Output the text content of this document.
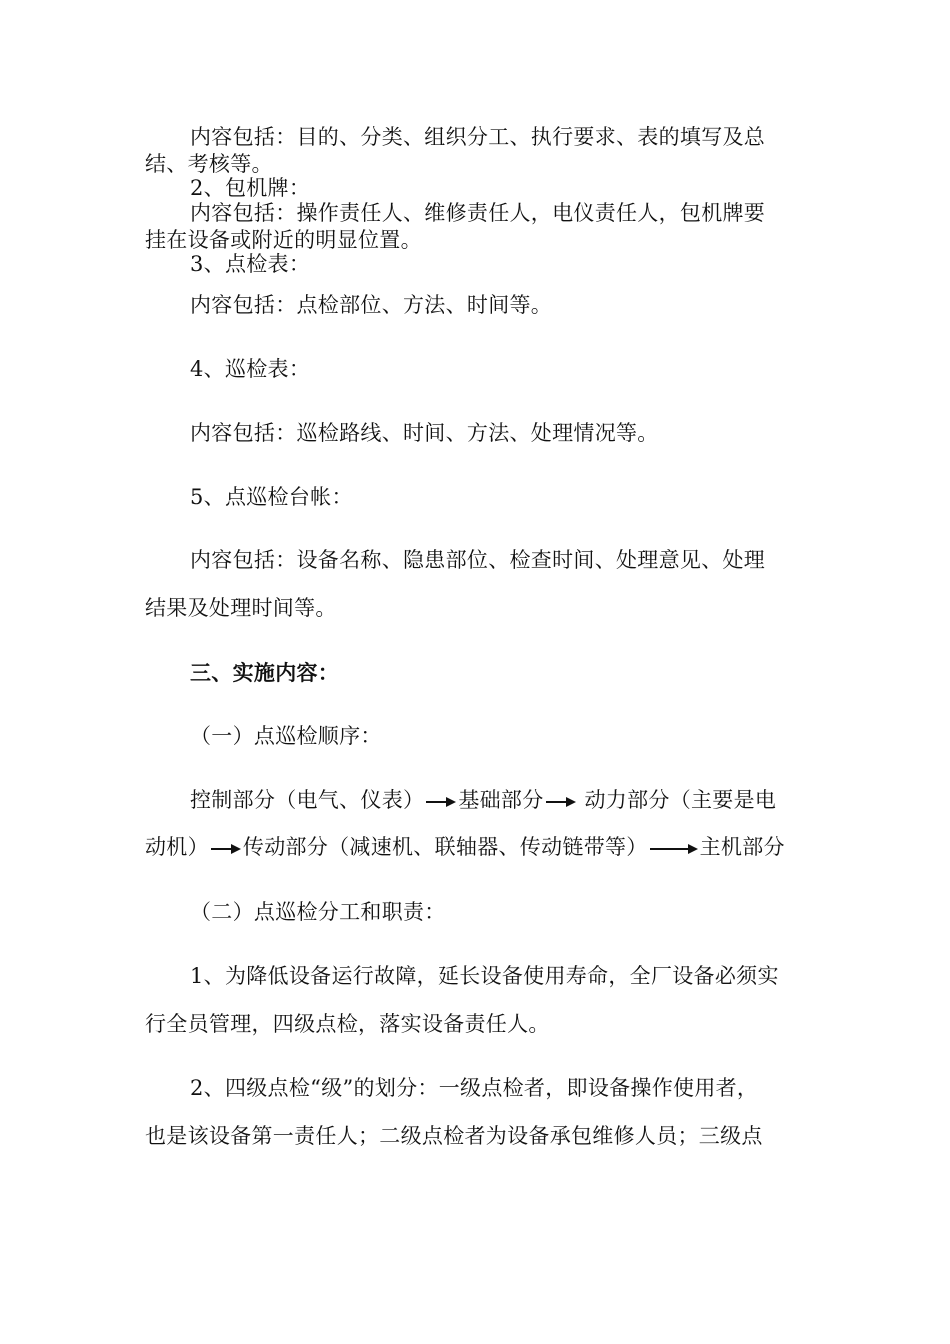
内容包括：目的、分类、组织分工、执行要求、表的填写及总
结、考核等。
2、包机牌：
内容包括：操作责任人、维修责任人，电仪责任人，包机牌要
挂在设备或附近的明显位置。
3、点检表：
内容包括：点检部位、方法、时间等。
4、巡检表：
内容包括：巡检路线、时间、方法、处理情况等。
5、点巡检台帐：
内容包括：设备名称、隐患部位、检查时间、处理意见、处理
结果及处理时间等。
三、实施内容：
（一）点巡检顺序：
控制部分（电气、仪表） 基础部分 动力部分（主要是电
动机） 传动部分（减速机、联轴器、传动链带等） 主机部分
（二）点巡检分工和职责：
1、为降低设备运行故障，延长设备使用寿命，全厂设备必须实
行全员管理，四级点检，落实设备责任人。
2、四级点检“级”的划分：一级点检者，即设备操作使用者，
也是该设备第一责任人；二级点检者为设备承包维修人员；三级点
